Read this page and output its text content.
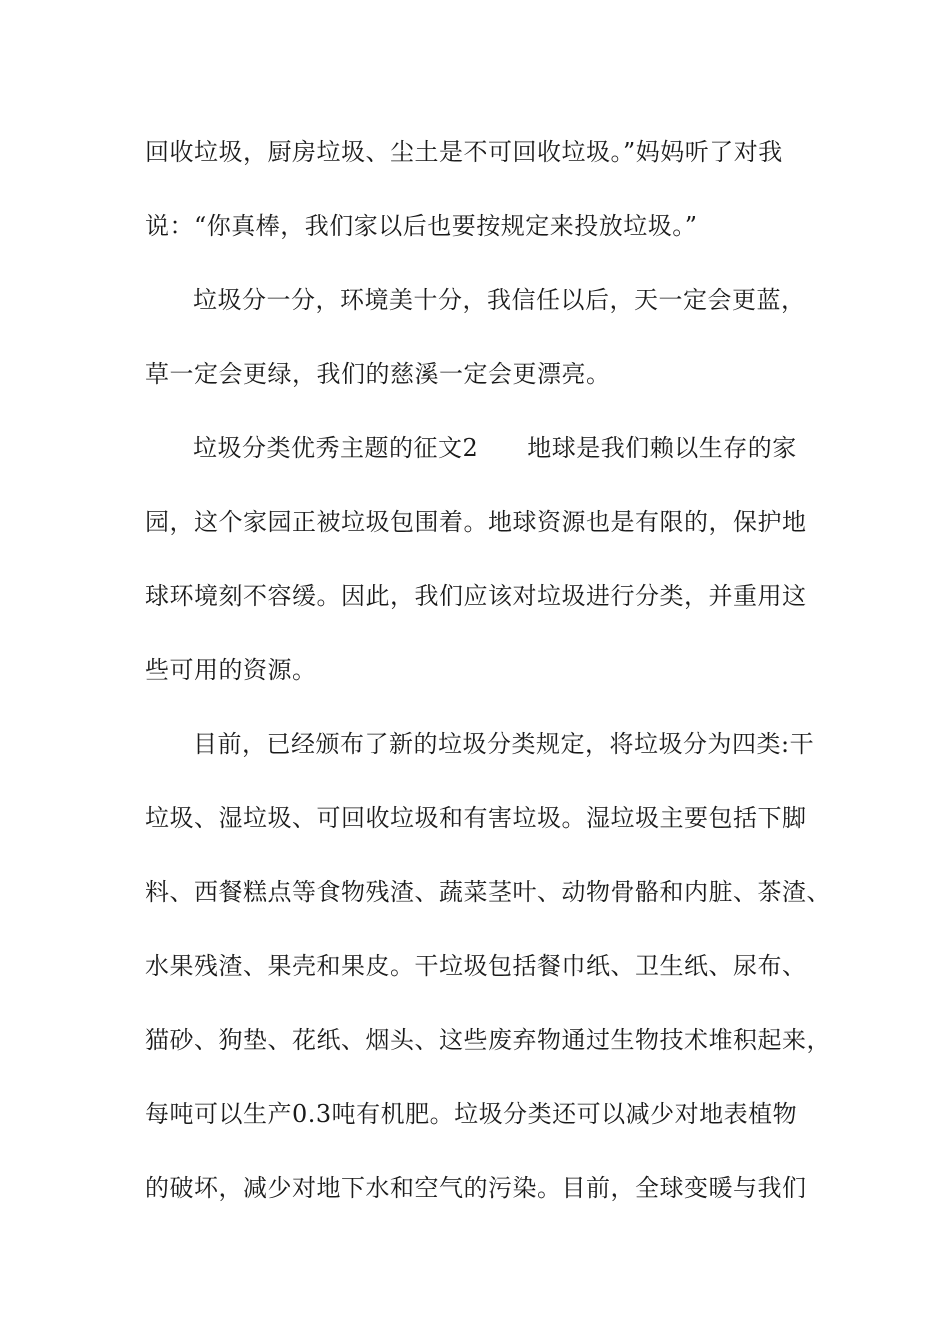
回收垃圾，厨房垃圾、尘土是不可回收垃圾。”妈妈听了对我
说：“你真棒，我们家以后也要按规定来投放垃圾。”
垃圾分一分，环境美十分，我信任以后，天一定会更蓝，
草一定会更绿，我们的慈溪一定会更漂亮。
垃圾分类优秀主题的征文2　　地球是我们赖以生存的家
园，这个家园正被垃圾包围着。地球资源也是有限的，保护地
球环境刻不容缓。因此，我们应该对垃圾进行分类，并重用这
些可用的资源。
目前，已经颁布了新的垃圾分类规定，将垃圾分为四类:干
垃圾、湿垃圾、可回收垃圾和有害垃圾。湿垃圾主要包括下脚
料、西餐糕点等食物残渣、蔬菜茎叶、动物骨骼和内脏、茶渣、
水果残渣、果壳和果皮。干垃圾包括餐巾纸、卫生纸、尿布、
猫砂、狗垫、花纸、烟头、这些废弃物通过生物技术堆积起来，
每吨可以生产0.3吨有机肥。垃圾分类还可以减少对地表植物
的破坏，减少对地下水和空气的污染。目前，全球变暖与我们
